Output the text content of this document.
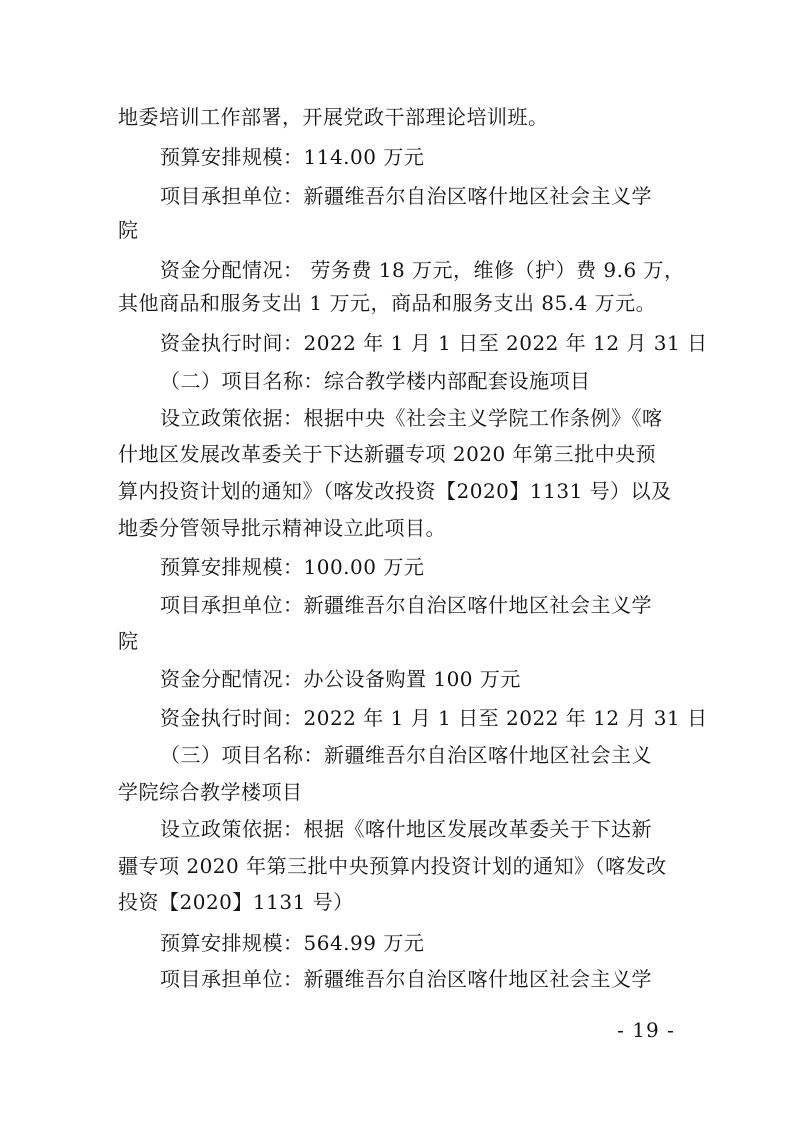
地委培训工作部署，开展党政干部理论培训班。
预算安排规模：114.00 万元
项目承担单位：新疆维吾尔自治区喀什地区社会主义学
院
资金分配情况： 劳务费 18 万元，维修（护）费 9.6 万，
其他商品和服务支出 1 万元，商品和服务支出 85.4 万元。
资金执行时间：2022 年 1 月 1 日至 2022 年 12 月 31 日
（二）项目名称：综合教学楼内部配套设施项目
设立政策依据：根据中央《社会主义学院工作条例》《喀
什地区发展改革委关于下达新疆专项 2020 年第三批中央预
算内投资计划的通知》（喀发改投资【2020】1131 号）以及
地委分管领导批示精神设立此项目。
预算安排规模：100.00 万元
项目承担单位：新疆维吾尔自治区喀什地区社会主义学
院
资金分配情况：办公设备购置 100 万元
资金执行时间：2022 年 1 月 1 日至 2022 年 12 月 31 日
（三）项目名称：新疆维吾尔自治区喀什地区社会主义
学院综合教学楼项目
设立政策依据：根据《喀什地区发展改革委关于下达新
疆专项 2020 年第三批中央预算内投资计划的通知》（喀发改
投资【2020】1131 号）
预算安排规模：564.99 万元
项目承担单位：新疆维吾尔自治区喀什地区社会主义学
- 19 -
